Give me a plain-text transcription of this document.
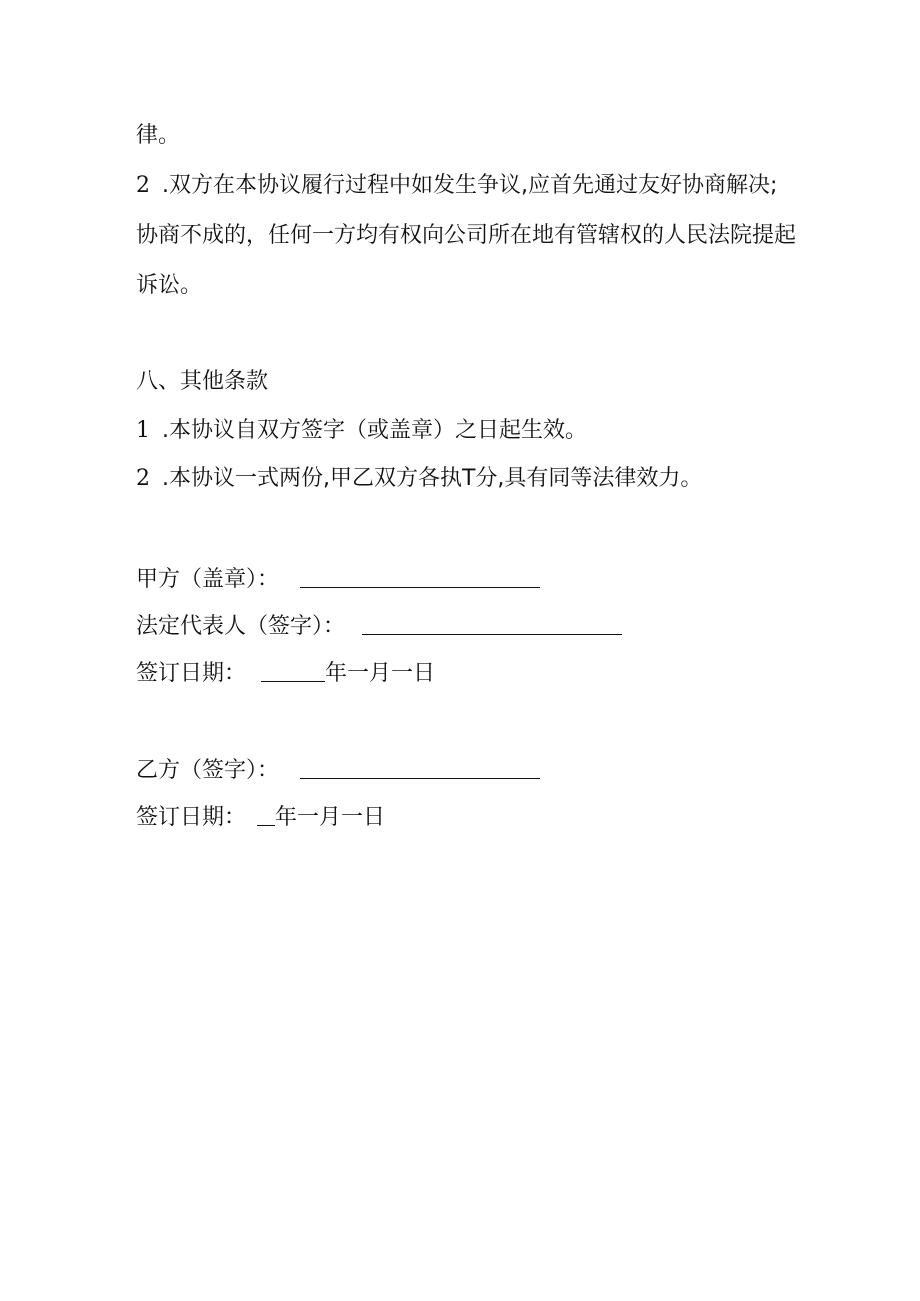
律。
2 .双方在本协议履行过程中如发生争议,应首先通过友好协商解决;
协商不成的，任何一方均有权向公司所在地有管辖权的人民法院提起
诉讼。
八、其他条款
1 .本协议自双方签字（或盖章）之日起生效。
2 .本协议一式两份,甲乙双方各执T分,具有同等法律效力。
甲方（盖章）：
法定代表人（签字）：
签订日期：	年一月一日
乙方（签字）：
签订日期： 年一月一日
